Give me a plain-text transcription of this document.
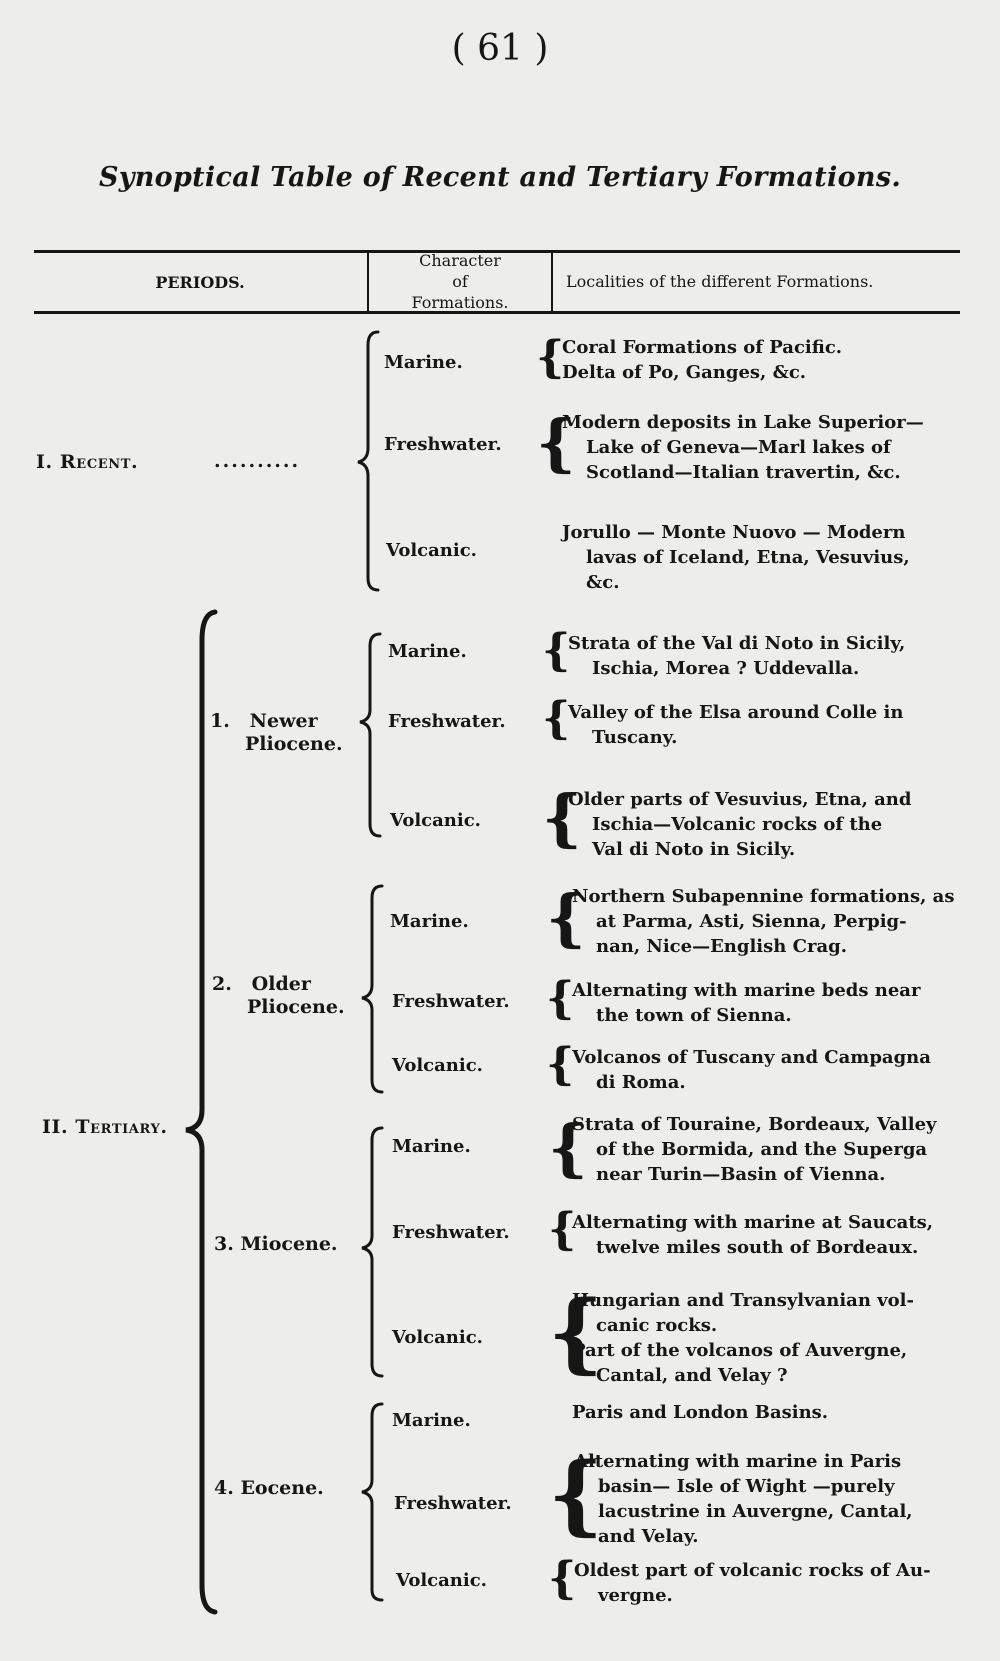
( 61 )
Synoptical Table of Recent and Tertiary Formations.
PERIODS.
Character
of
Formations.
Localities of the different Formations.
I. Recent.	..........
Marine. {
Coral Formations of Pacific.
Delta of Po, Ganges, &c.
Freshwater. {
Modern deposits in Lake Superior—
Lake of Geneva—Marl lakes of
Scotland—Italian travertin, &c.
Volcanic.
Jorullo — Monte Nuovo — Modern
lavas of Iceland, Etna, Vesuvius,
&c.
II. Tertiary.
1.   Newer
Pliocene.
Marine. {
Strata of the Val di Noto in Sicily,
Ischia, Morea ? Uddevalla.
Freshwater. {
Valley of the Elsa around Colle in
Tuscany.
Volcanic. {
Older parts of Vesuvius, Etna, and
Ischia—Volcanic rocks of the
Val di Noto in Sicily.
2.   Older
Pliocene.
Marine. {
Northern Subapennine formations, as
at Parma, Asti, Sienna, Perpig-
nan, Nice—English Crag.
Freshwater. {
Alternating with marine beds near
the town of Sienna.
Volcanic. {
Volcanos of Tuscany and Campagna
di Roma.
3. Miocene.
Marine. {
Strata of Touraine, Bordeaux, Valley
of the Bormida, and the Superga
near Turin—Basin of Vienna.
Freshwater. {
Alternating with marine at Saucats,
twelve miles south of Bordeaux.
Volcanic. {
Hungarian and Transylvanian vol-
canic rocks.
Part of the volcanos of Auvergne,
Cantal, and Velay ?
4. Eocene.
Marine.	Paris and London Basins.
Freshwater. {
Alternating with marine in Paris
basin— Isle of Wight —purely
lacustrine in Auvergne, Cantal,
and Velay.
Volcanic. {
Oldest part of volcanic rocks of Au-
vergne.
